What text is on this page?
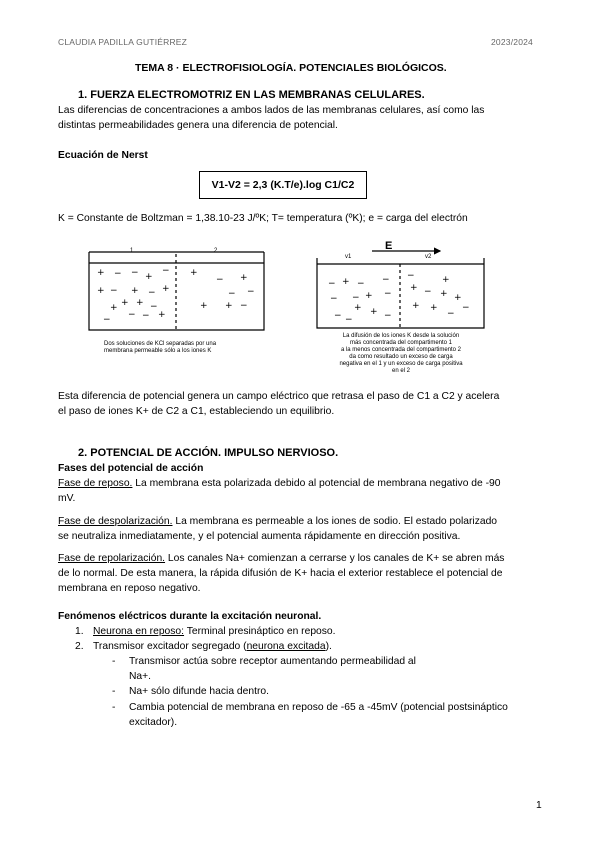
CLAUDIA PADILLA GUTIÉRREZ	2023/2024
TEMA 8 · ELECTROFISIOLOGÍA. POTENCIALES BIOLÓGICOS.
1. FUERZA ELECTROMOTRIZ EN LAS MEMBRANAS CELULARES.
Las diferencias de concentraciones a ambos lados de las membranas celulares, así como las
distintas permeabilidades genera una diferencia de potencial.
Ecuación de Nerst
V1-V2 = 2,3 (K.T/e).log C1/C2
K = Constante de Boltzman = 1,38.10-23 J/ºK; T= temperatura (ºK); e = carga del electrón
+ − − +
−
+ − + − +
+ +
+	−
− − − +
+
− +
−
+ + −
−
1	2
Dos soluciones de KCl separadas por una
membrana permeable sólo a los iones K
− + − −
− − + −
+ +
− −	−
−	+
+ − + +
+ +	−
−
E
v1	v2
La difusión de los iones K desde la solución
más concentrada del compartimento 1
a la menos concentrada del compartimento 2
da como resultado un exceso de carga
negativa en el 1 y un exceso de carga positiva
en el 2
Esta diferencia de potencial genera un campo eléctrico que retrasa el paso de C1 a C2 y acelera
el paso de iones K+ de C2 a C1, estableciendo un equilibrio.
2. POTENCIAL DE ACCIÓN. IMPULSO NERVIOSO.
Fases del potencial de acción
Fase de reposo. La membrana esta polarizada debido al potencial de membrana negativo de -90
mV.
Fase de despolarización. La membrana es permeable a los iones de sodio. El estado polarizado
se neutraliza inmediatamente, y el potencial aumenta rápidamente en dirección positiva.
Fase de repolarización. Los canales Na+ comienzan a cerrarse y los canales de K+ se abren más
de lo normal. De esta manera, la rápida difusión de K+ hacia el exterior restablece el potencial de
membrana en reposo negativo.
Fenómenos eléctricos durante la excitación neuronal.
1. Neurona en reposo: Terminal presináptico en reposo.
2. Transmisor excitador segregado (neurona excitada).
- Transmisor actúa sobre receptor aumentando permeabilidad al
Na+.
- Na+ sólo difunde hacia dentro.
- Cambia potencial de membrana en reposo de -65 a -45mV (potencial postsináptico
excitador).
1
